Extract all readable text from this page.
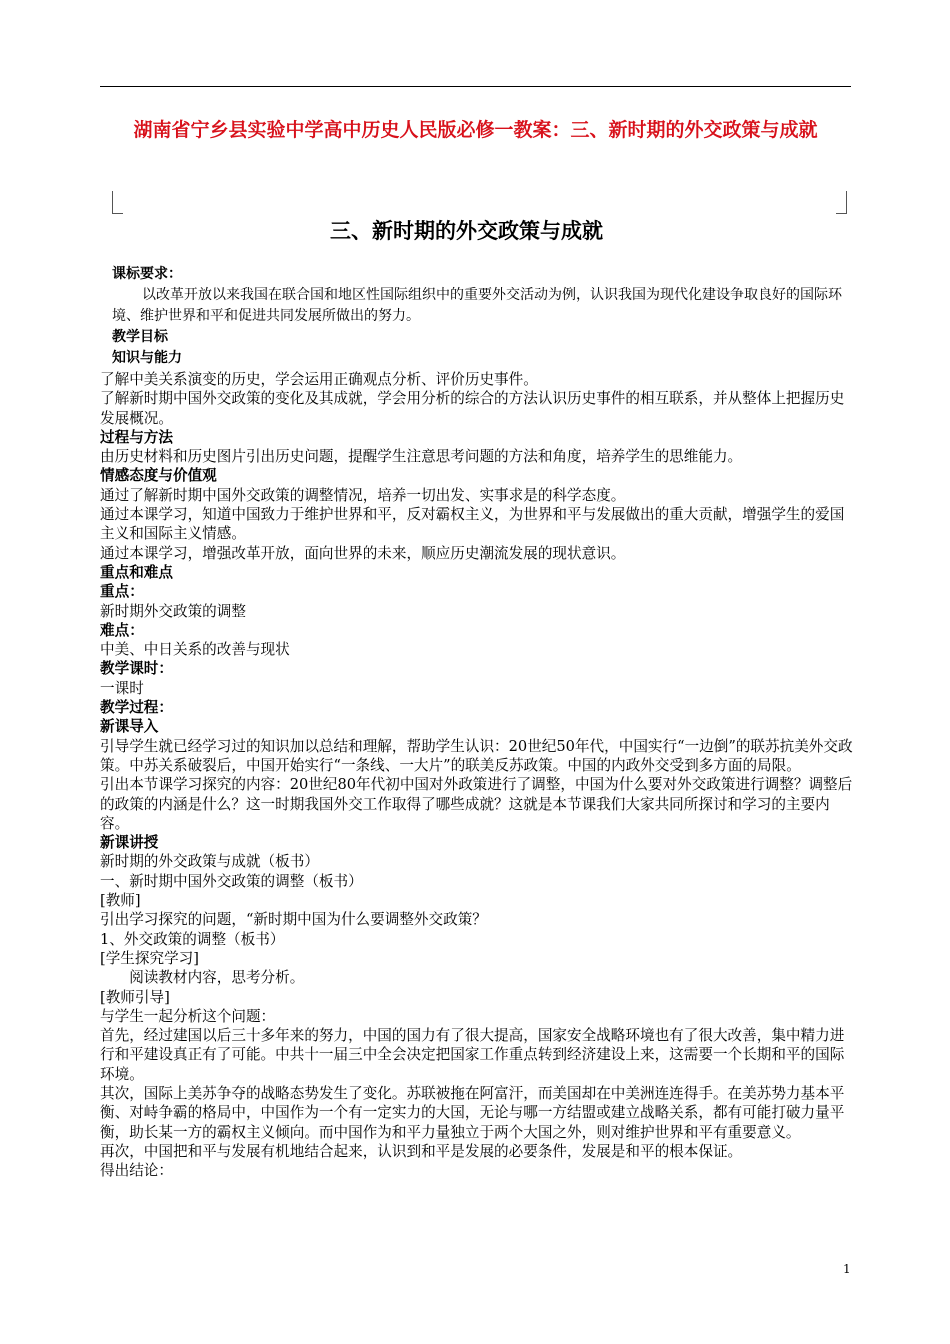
湖南省宁乡县实验中学高中历史人民版必修一教案：三、新时期的外交政策与成就
三、新时期的外交政策与成就
课标要求：
以改革开放以来我国在联合国和地区性国际组织中的重要外交活动为例，认识我国为现代化建设争取良好的国际环境、维护世界和平和促进共同发展所做出的努力。
教学目标
知识与能力

了解中美关系演变的历史，学会运用正确观点分析、评价历史事件。

了解新时期中国外交政策的变化及其成就，学会用分析的综合的方法认识历史事件的相互联系，并从整体上把握历史发展概况。

过程与方法

由历史材料和历史图片引出历史问题，提醒学生注意思考问题的方法和角度，培养学生的思维能力。

情感态度与价值观

通过了解新时期中国外交政策的调整情况，培养一切出发、实事求是的科学态度。

通过本课学习，知道中国致力于维护世界和平，反对霸权主义，为世界和平与发展做出的重大贡献，增强学生的爱国主义和国际主义情感。

通过本课学习，增强改革开放，面向世界的未来，顺应历史潮流发展的现状意识。

重点和难点

重点：

新时期外交政策的调整

难点：

中美、中日关系的改善与现状

教学课时：

一课时

教学过程：

新课导入

引导学生就已经学习过的知识加以总结和理解，帮助学生认识：20世纪50年代，中国实行“一边倒”的联苏抗美外交政策。中苏关系破裂后，中国开始实行“一条线、一大片”的联美反苏政策。中国的内政外交受到多方面的局限。

引出本节课学习探究的内容：20世纪80年代初中国对外政策进行了调整，中国为什么要对外交政策进行调整？调整后的政策的内涵是什么？这一时期我国外交工作取得了哪些成就？这就是本节课我们大家共同所探讨和学习的主要内容。

新课讲授

新时期的外交政策与成就（板书）

一、新时期中国外交政策的调整（板书）

[教师]

引出学习探究的问题，“新时期中国为什么要调整外交政策？

1、外交政策的调整（板书）

[学生探究学习]

阅读教材内容，思考分析。

[教师引导]

与学生一起分析这个问题：

首先，经过建国以后三十多年来的努力，中国的国力有了很大提高，国家安全战略环境也有了很大改善，集中精力进行和平建设真正有了可能。中共十一届三中全会决定把国家工作重点转到经济建设上来，这需要一个长期和平的国际环境。

其次，国际上美苏争夺的战略态势发生了变化。苏联被拖在阿富汗，而美国却在中美洲连连得手。在美苏势力基本平衡、对峙争霸的格局中，中国作为一个有一定实力的大国，无论与哪一方结盟或建立战略关系，都有可能打破力量平衡，助长某一方的霸权主义倾向。而中国作为和平力量独立于两个大国之外，则对维护世界和平有重要意义。

再次，中国把和平与发展有机地结合起来，认识到和平是发展的必要条件，发展是和平的根本保证。

得出结论：

1
